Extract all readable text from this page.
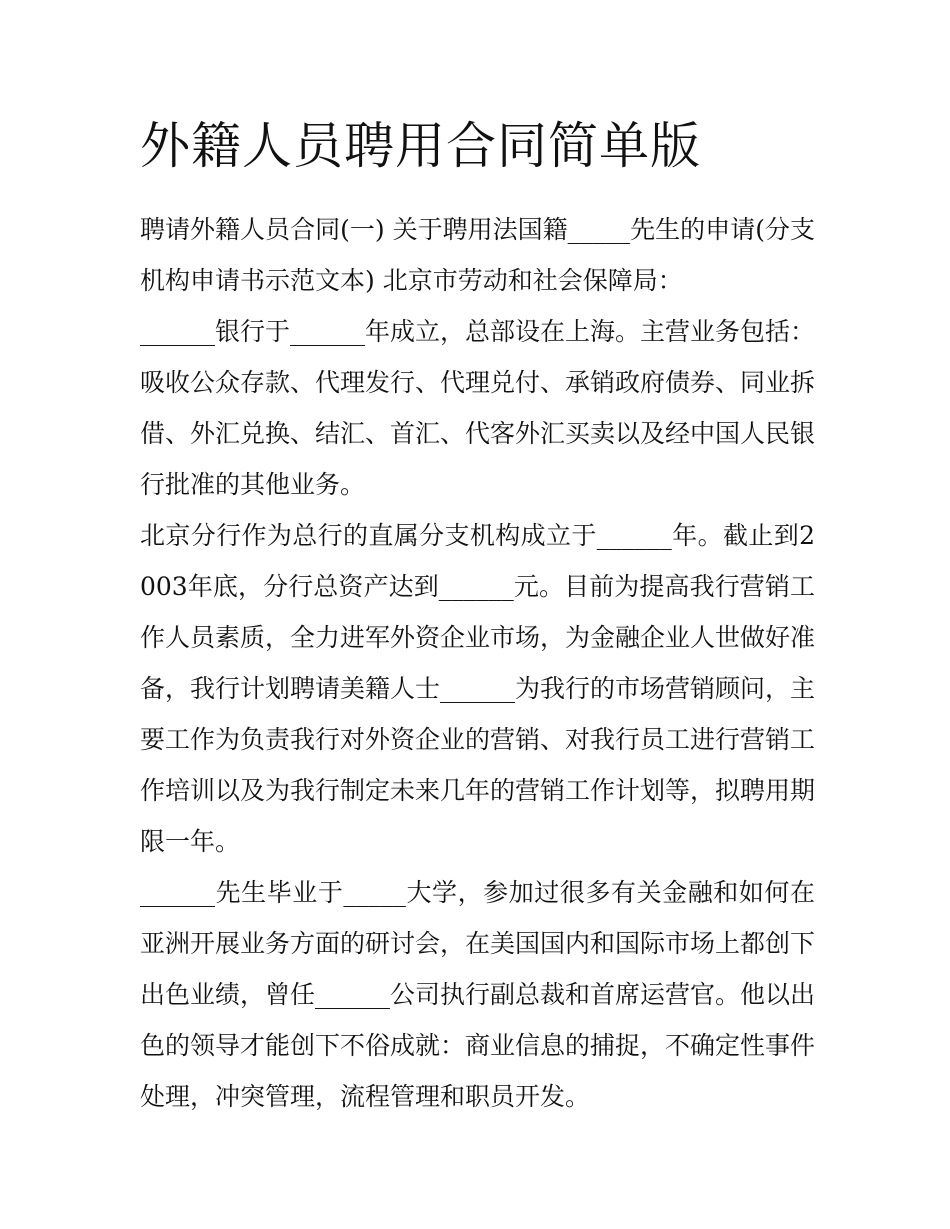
外籍人员聘用合同简单版

聘请外籍人员合同(一) 关于聘用法国籍_____先生的申请(分支机构申请书示范文本) 北京市劳动和社会保障局：

______银行于______年成立，总部设在上海。主营业务包括：吸收公众存款、代理发行、代理兑付、承销政府债券、同业拆借、外汇兑换、结汇、首汇、代客外汇买卖以及经中国人民银行批准的其他业务。

北京分行作为总行的直属分支机构成立于______年。截止到2003年底，分行总资产达到______元。目前为提高我行营销工作人员素质，全力进军外资企业市场，为金融企业人世做好准备，我行计划聘请美籍人士______为我行的市场营销顾问，主要工作为负责我行对外资企业的营销、对我行员工进行营销工作培训以及为我行制定未来几年的营销工作计划等，拟聘用期限一年。

______先生毕业于_____大学，参加过很多有关金融和如何在亚洲开展业务方面的研讨会，在美国国内和国际市场上都创下出色业绩，曾任______公司执行副总裁和首席运营官。他以出色的领导才能创下不俗成就：商业信息的捕捉，不确定性事件处理，冲突管理，流程管理和职员开发。
